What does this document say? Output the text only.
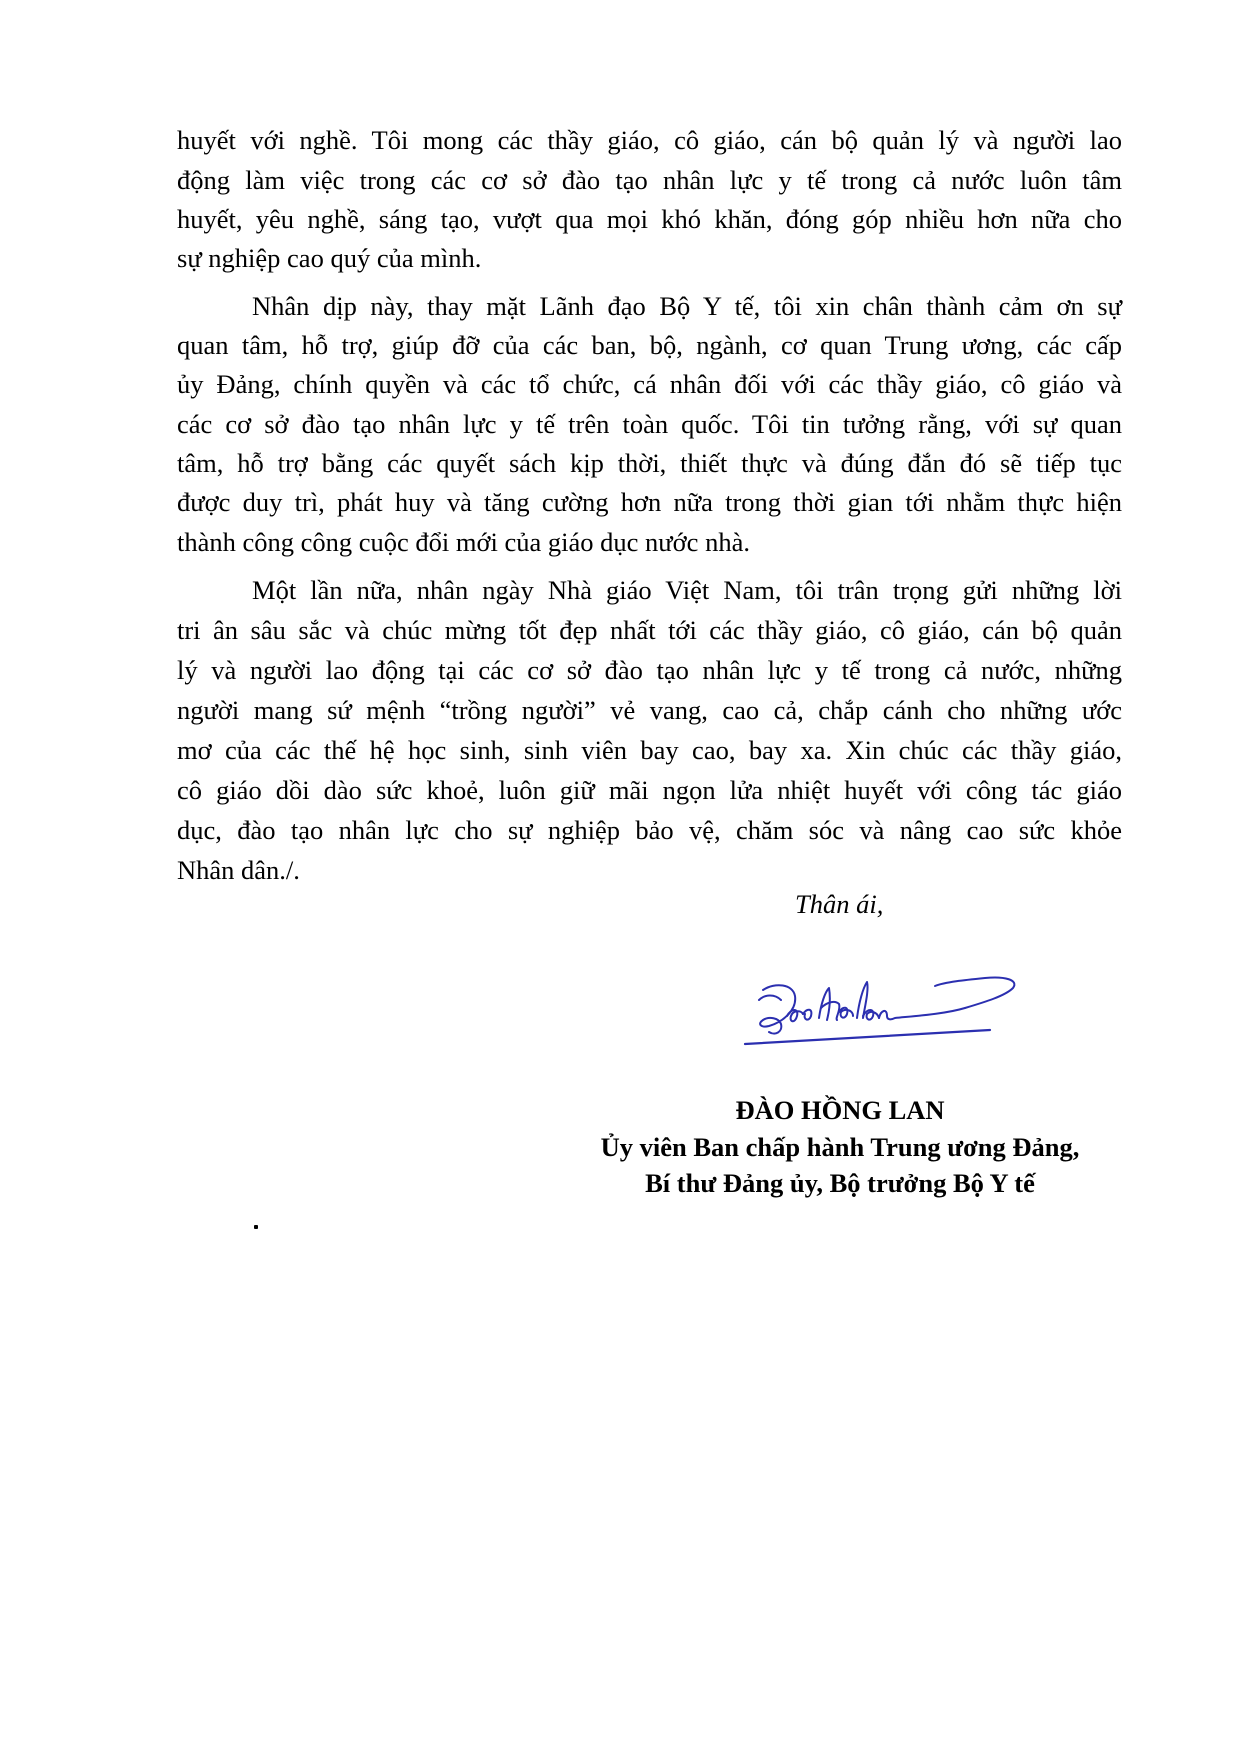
huyết với nghề. Tôi mong các thầy giáo, cô giáo, cán bộ quản lý và người lao
động làm việc trong các cơ sở đào tạo nhân lực y tế trong cả nước luôn tâm
huyết, yêu nghề, sáng tạo, vượt qua mọi khó khăn, đóng góp nhiều hơn nữa cho
sự nghiệp cao quý của mình.
Nhân dịp này, thay mặt Lãnh đạo Bộ Y tế, tôi xin chân thành cảm ơn sự
quan tâm, hỗ trợ, giúp đỡ của các ban, bộ, ngành, cơ quan Trung ương, các cấp
ủy Đảng, chính quyền và các tổ chức, cá nhân đối với các thầy giáo, cô giáo và
các cơ sở đào tạo nhân lực y tế trên toàn quốc. Tôi tin tưởng rằng, với sự quan
tâm, hỗ trợ bằng các quyết sách kịp thời, thiết thực và đúng đắn đó sẽ tiếp tục
được duy trì, phát huy và tăng cường hơn nữa trong thời gian tới nhằm thực hiện
thành công công cuộc đổi mới của giáo dục nước nhà.
Một lần nữa, nhân ngày Nhà giáo Việt Nam, tôi trân trọng gửi những lời
tri ân sâu sắc và chúc mừng tốt đẹp nhất tới các thầy giáo, cô giáo, cán bộ quản
lý và người lao động tại các cơ sở đào tạo nhân lực y tế trong cả nước, những
người mang sứ mệnh “trồng người” vẻ vang, cao cả, chắp cánh cho những ước
mơ của các thế hệ học sinh, sinh viên bay cao, bay xa. Xin chúc các thầy giáo,
cô giáo dồi dào sức khoẻ, luôn giữ mãi ngọn lửa nhiệt huyết với công tác giáo
dục, đào tạo nhân lực cho sự nghiệp bảo vệ, chăm sóc và nâng cao sức khỏe
Nhân dân./.
Thân ái,
ĐÀO HỒNG LAN
Ủy viên Ban chấp hành Trung ương Đảng,
Bí thư Đảng ủy, Bộ trưởng Bộ Y tế
